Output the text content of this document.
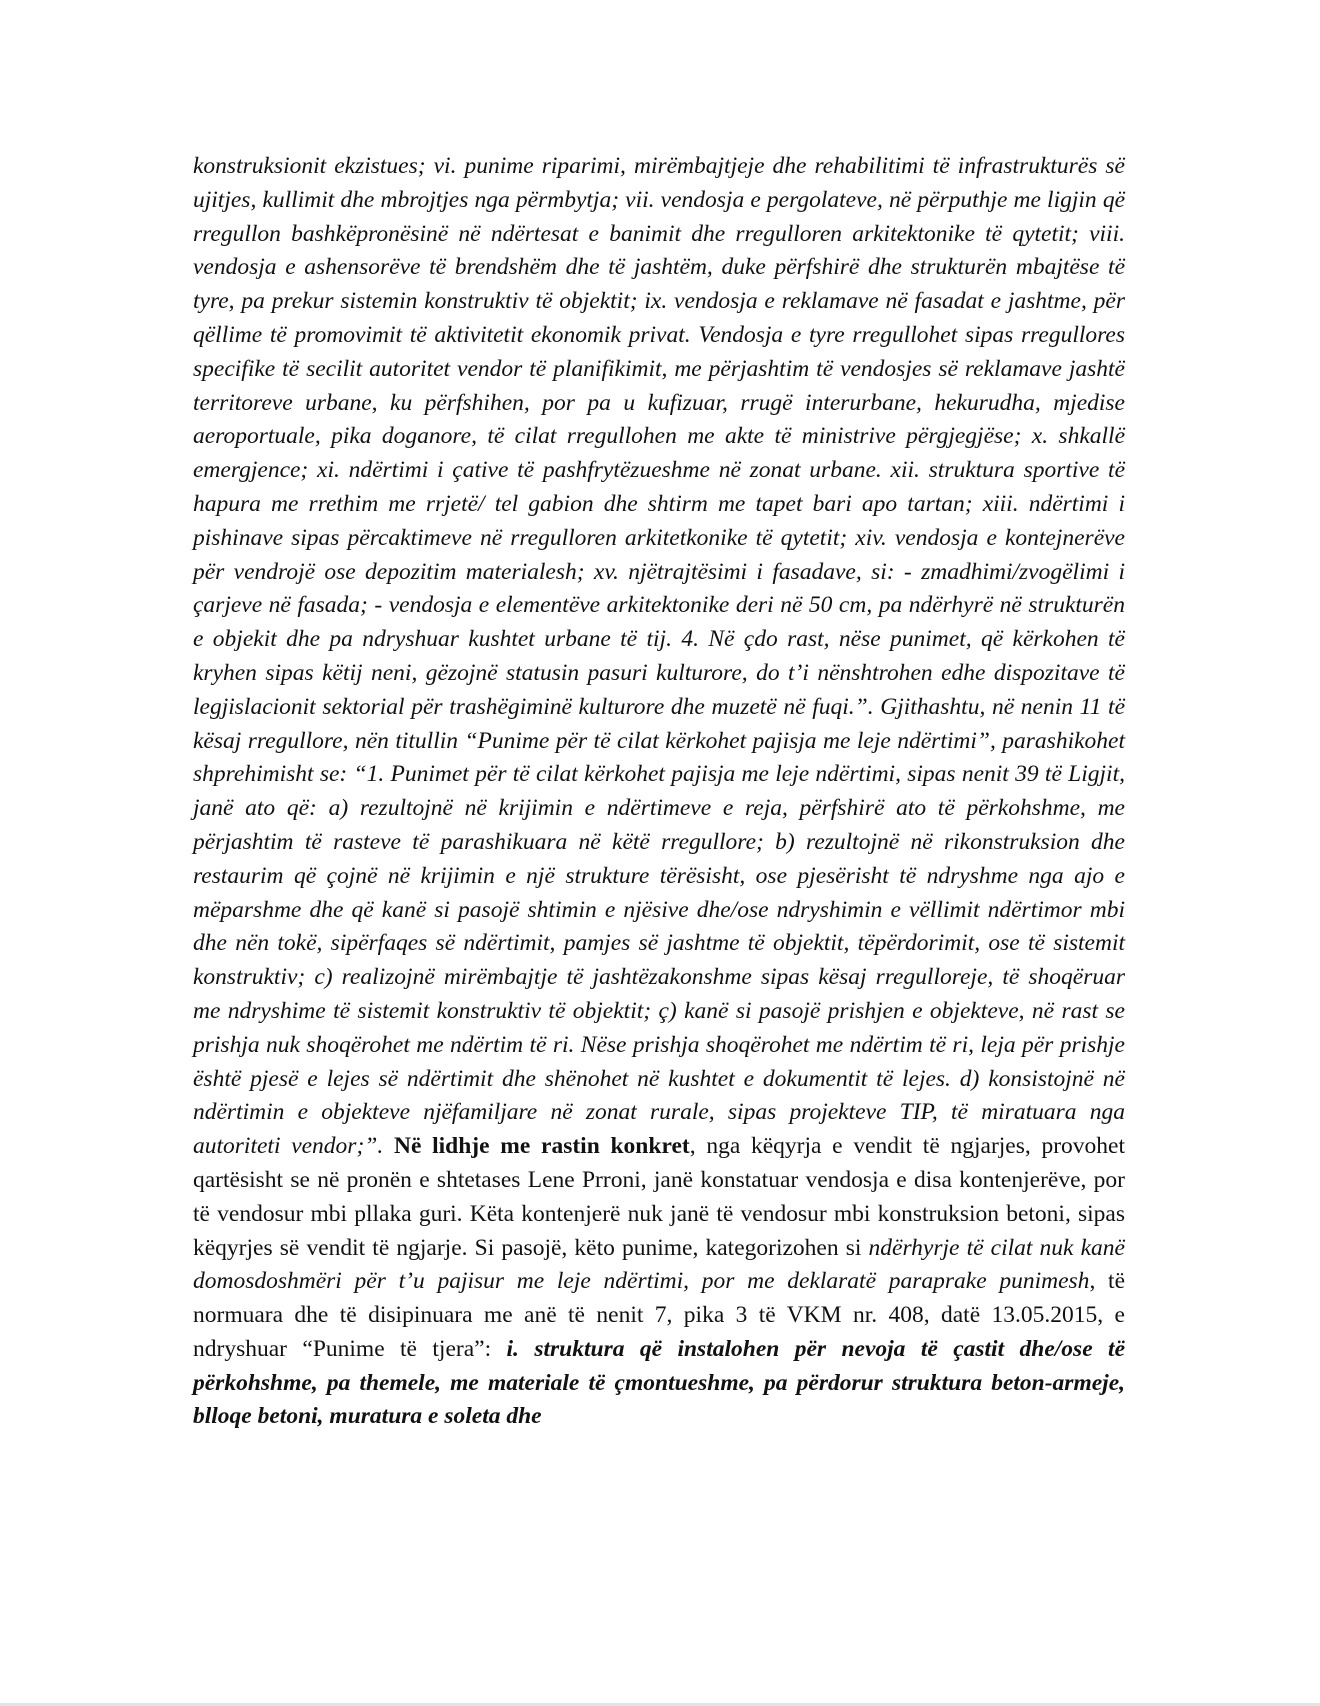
konstruksionit ekzistues; vi. punime riparimi, mirëmbajtjeje dhe rehabilitimi të infrastrukturës së ujitjes, kullimit dhe mbrojtjes nga përmbytja; vii. vendosja e pergolateve, në përputhje me ligjin që rregullon bashkëpronësinë në ndërtesat e banimit dhe rregulloren arkitektonike të qytetit; viii. vendosja e ashensorëve të brendshëm dhe të jashtëm, duke përfshirë dhe strukturën mbajtëse të tyre, pa prekur sistemin konstruktiv të objektit; ix. vendosja e reklamave në fasadat e jashtme, për qëllime të promovimit të aktivitetit ekonomik privat. Vendosja e tyre rregullohet sipas rregullores specifike të secilit autoritet vendor të planifikimit, me përjashtim të vendosjes së reklamave jashtë territoreve urbane, ku përfshihen, por pa u kufizuar, rrugë interurbane, hekurudha, mjedise aeroportuale, pika doganore, të cilat rregullohen me akte të ministrive përgjegjëse; x. shkallë emergjence; xi. ndërtimi i çative të pashfrytëzueshme në zonat urbane. xii. struktura sportive të hapura me rrethim me rrjetë/ tel gabion dhe shtirm me tapet bari apo tartan; xiii. ndërtimi i pishinave sipas përcaktimeve në rregulloren arkitetkonike të qytetit; xiv. vendosja e kontejnerëve për vendrojë ose depozitim materialesh; xv. njëtrajtësimi i fasadave, si: - zmadhimi/zvogëlimi i çarjeve në fasada; - vendosja e elementëve arkitektonike deri në 50 cm, pa ndërhyrë në strukturën e objekit dhe pa ndryshuar kushtet urbane të tij. 4. Në çdo rast, nëse punimet, që kërkohen të kryhen sipas këtij neni, gëzojnë statusin pasuri kulturore, do t’i nënshtrohen edhe dispozitave të legjislacionit sektorial për trashëgiminë kulturore dhe muzetë në fuqi.”. Gjithashtu, në nenin 11 të kësaj rregullore, nën titullin “Punime për të cilat kërkohet pajisja me leje ndërtimi”, parashikohet shprehimisht se: “1. Punimet për të cilat kërkohet pajisja me leje ndërtimi, sipas nenit 39 të Ligjit, janë ato që: a) rezultojnë në krijimin e ndërtimeve e reja, përfshirë ato të përkohshme, me përjashtim të rasteve të parashikuara në këtë rregullore; b) rezultojnë në rikonstruksion dhe restaurim që çojnë në krijimin e një strukture tërësisht, ose pjesërisht të ndryshme nga ajo e mëparshme dhe që kanë si pasojë shtimin e njësive dhe/ose ndryshimin e vëllimit ndërtimor mbi dhe nën tokë, sipërfaqes së ndërtimit, pamjes së jashtme të objektit, tëpërdorimit, ose të sistemit konstruktiv; c) realizojnë mirëmbajtje të jashtëzakonshme sipas kësaj rregulloreje, të shoqëruar me ndryshime të sistemit konstruktiv të objektit; ç) kanë si pasojë prishjen e objekteve, në rast se prishja nuk shoqërohet me ndërtim të ri. Nëse prishja shoqërohet me ndërtim të ri, leja për prishje është pjesë e lejes së ndërtimit dhe shënohet në kushtet e dokumentit të lejes. d) konsistojnë në ndërtimin e objekteve njëfamiljare në zonat rurale, sipas projekteve TIP, të miratuara nga autoriteti vendor;”. Në lidhje me rastin konkret, nga këqyrja e vendit të ngjarjes, provohet qartësisht se në pronën e shtetases Lene Prroni, janë konstatuar vendosja e disa kontenjerëve, por të vendosur mbi pllaka guri. Këta kontenjerë nuk janë të vendosur mbi konstruksion betoni, sipas këqyrjes së vendit të ngjarje. Si pasojë, këto punime, kategorizohen si ndërhyrje të cilat nuk kanë domosdoshmëri për t’u pajisur me leje ndërtimi, por me deklaratë paraprake punimesh, të normuara dhe të disipinuara me anë të nenit 7, pika 3 të VKM nr. 408, datë 13.05.2015, e ndryshuar “Punime të tjera”: i. struktura që instalohen për nevoja të çastit dhe/ose të përkohshme, pa themele, me materiale të çmontueshme, pa përdorur struktura beton-armeje, blloqe betoni, muratura e soleta dhe
